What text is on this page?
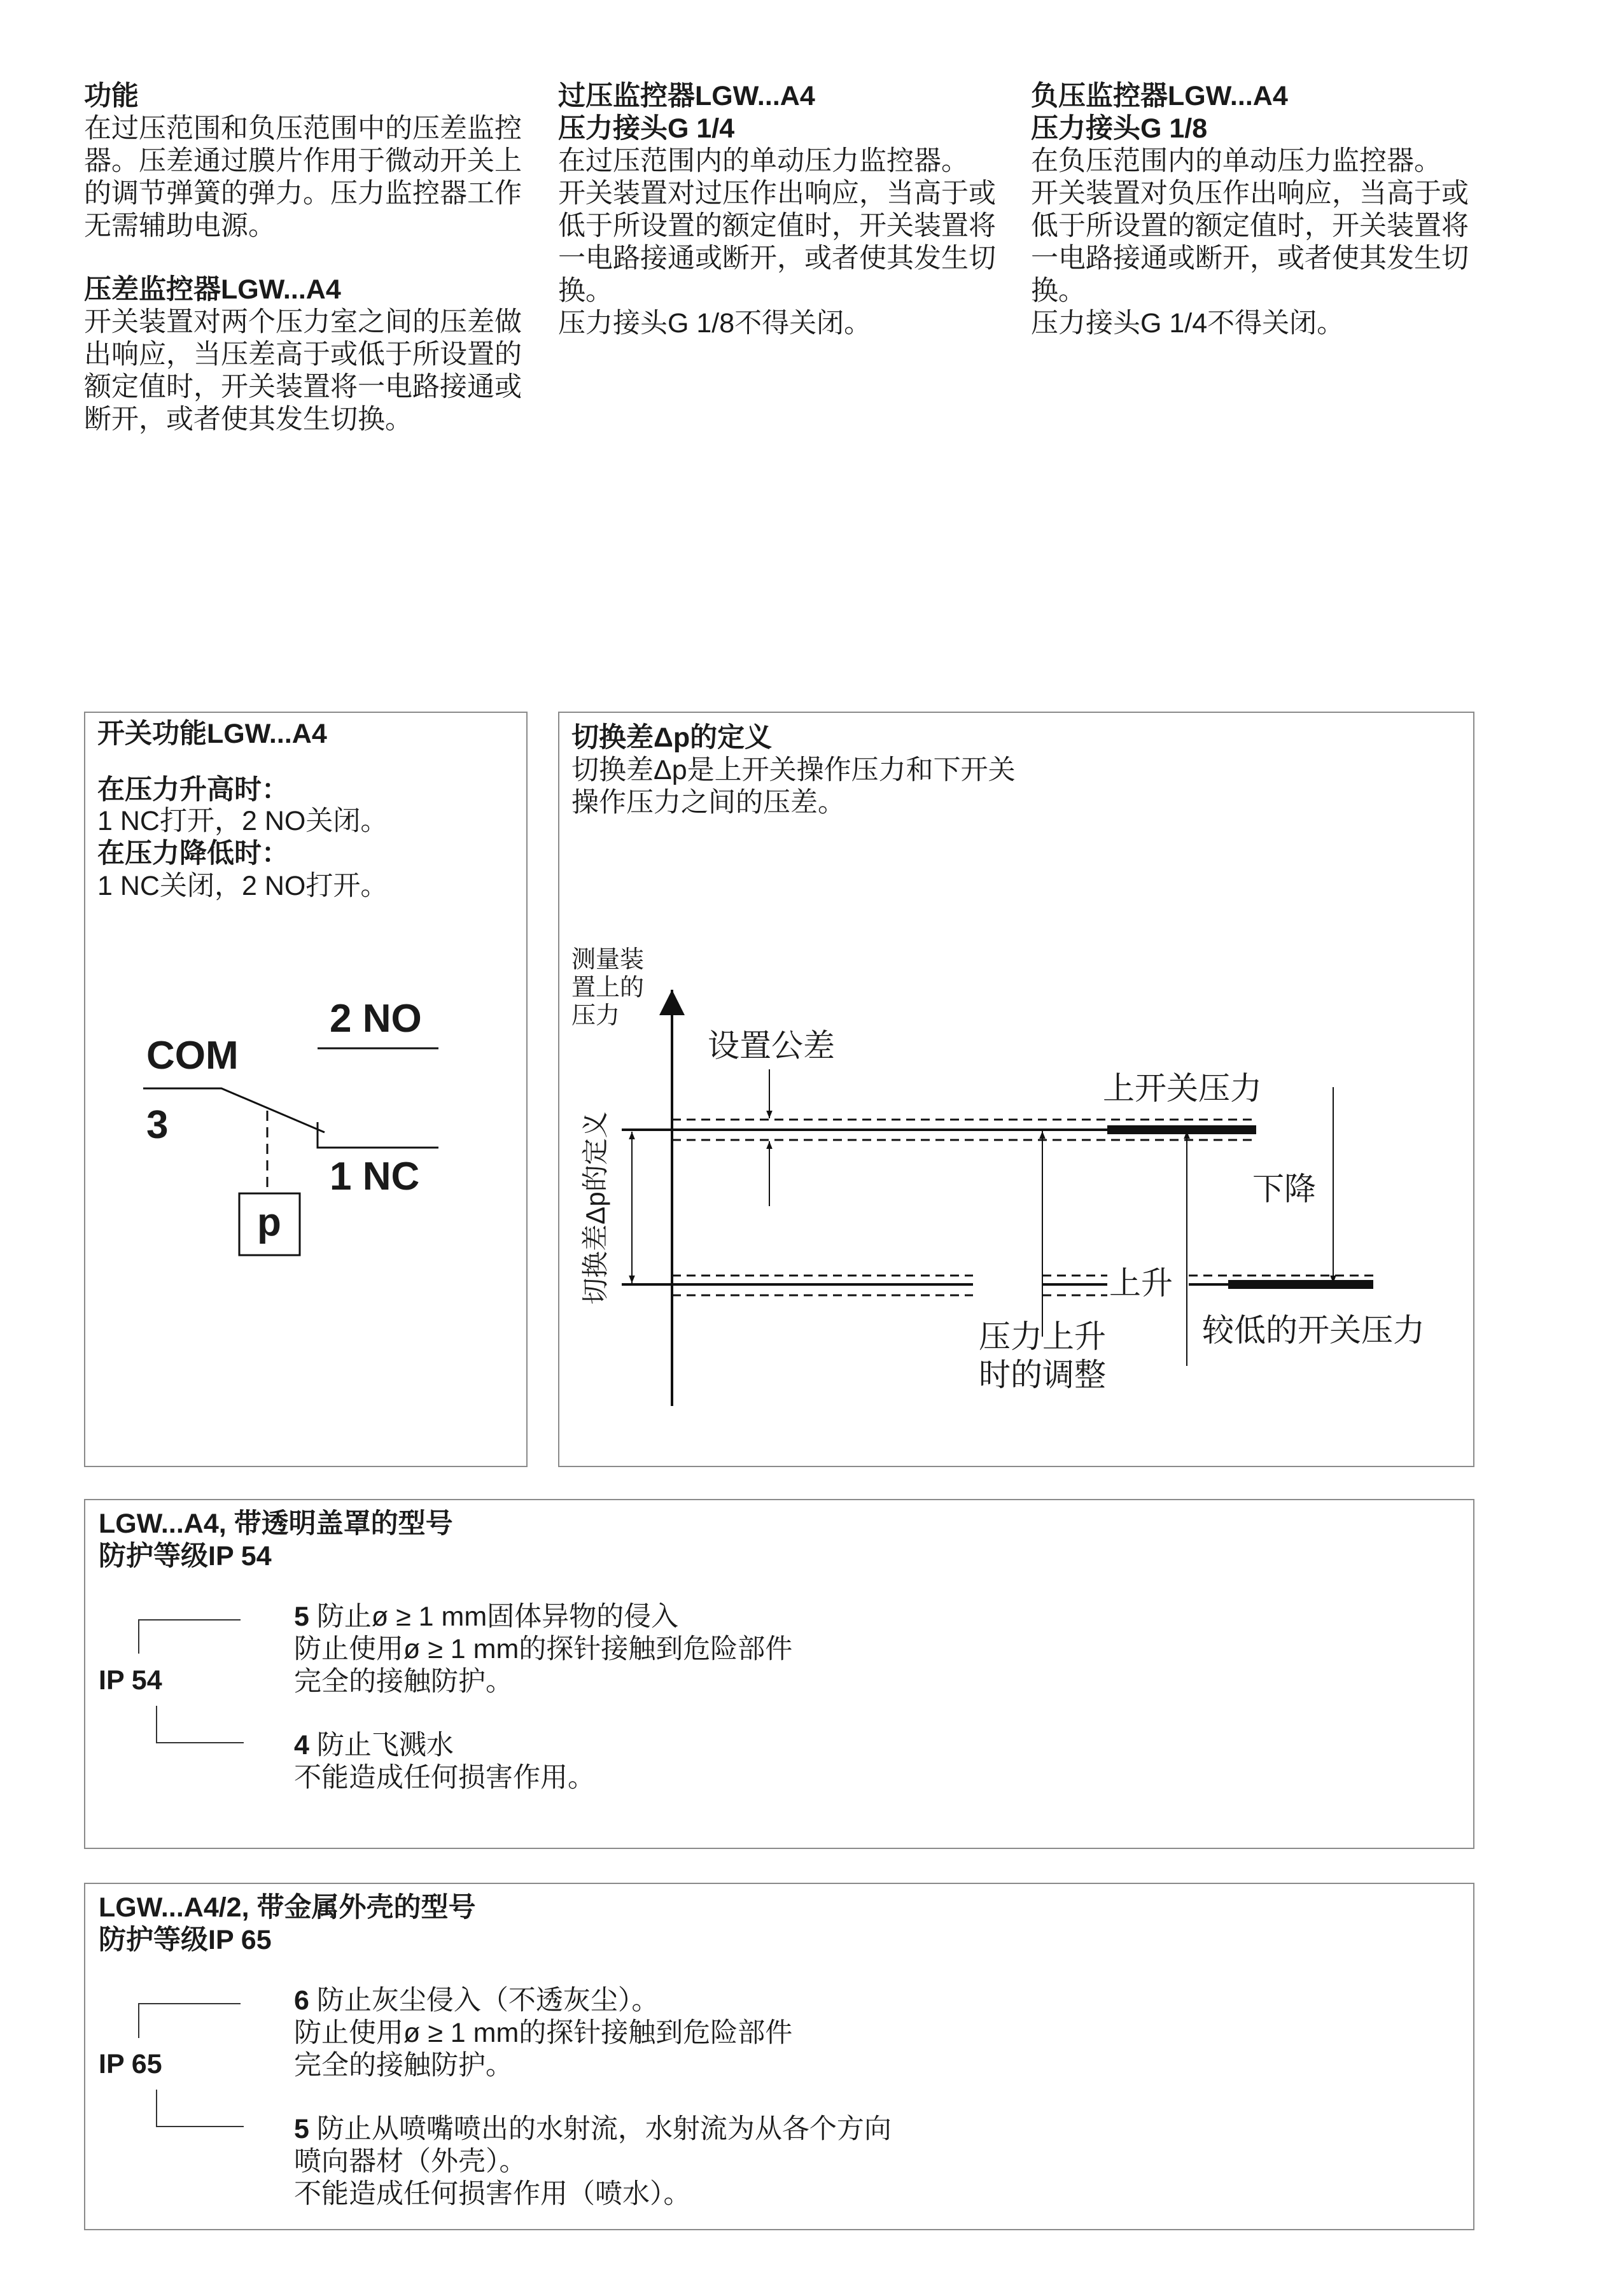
功能
在过压范围和负压范围中的压差监控
器。压差通过膜片作用于微动开关上
的调节弹簧的弹力。压力监控器工作
无需辅助电源。
压差监控器LGW...A4
开关装置对两个压力室之间的压差做
出响应，当压差高于或低于所设置的
额定值时，开关装置将一电路接通或
断开，或者使其发生切换。
过压监控器LGW...A4
压力接头G 1/4
在过压范围内的单动压力监控器。
开关装置对过压作出响应，当高于或
低于所设置的额定值时，开关装置将
一电路接通或断开，或者使其发生切
换。
压力接头G 1/8不得关闭。
负压监控器LGW...A4
压力接头G 1/8
在负压范围内的单动压力监控器。
开关装置对负压作出响应，当高于或
低于所设置的额定值时，开关装置将
一电路接通或断开，或者使其发生切
换。
压力接头G 1/4不得关闭。
开关功能LGW...A4
在压力升高时：
1 NC打开，2 NO关闭。
在压力降低时：
1 NC关闭，2 NO打开。
2 NO
COM
3
1 NC
p
切换差Δp的定义
切换差Δp是上开关操作压力和下开关
操作压力之间的压差。
测量装
置上的
压力
设置公差
上开关压力
下降
上升
压力上升
时的调整
较低的开关压力
切换差Δp的定义
LGW...A4, 带透明盖罩的型号
防护等级IP 54
IP 54
5 防止ø ≥ 1 mm固体异物的侵入
防止使用ø ≥ 1 mm的探针接触到危险部件
完全的接触防护。
4 防止飞溅水
不能造成任何损害作用。
LGW...A4/2, 带金属外壳的型号
防护等级IP 65
IP 65
6 防止灰尘侵入（不透灰尘）。
防止使用ø ≥ 1 mm的探针接触到危险部件
完全的接触防护。
5 防止从喷嘴喷出的水射流，水射流为从各个方向
喷向器材（外壳）。
不能造成任何损害作用（喷水）。
